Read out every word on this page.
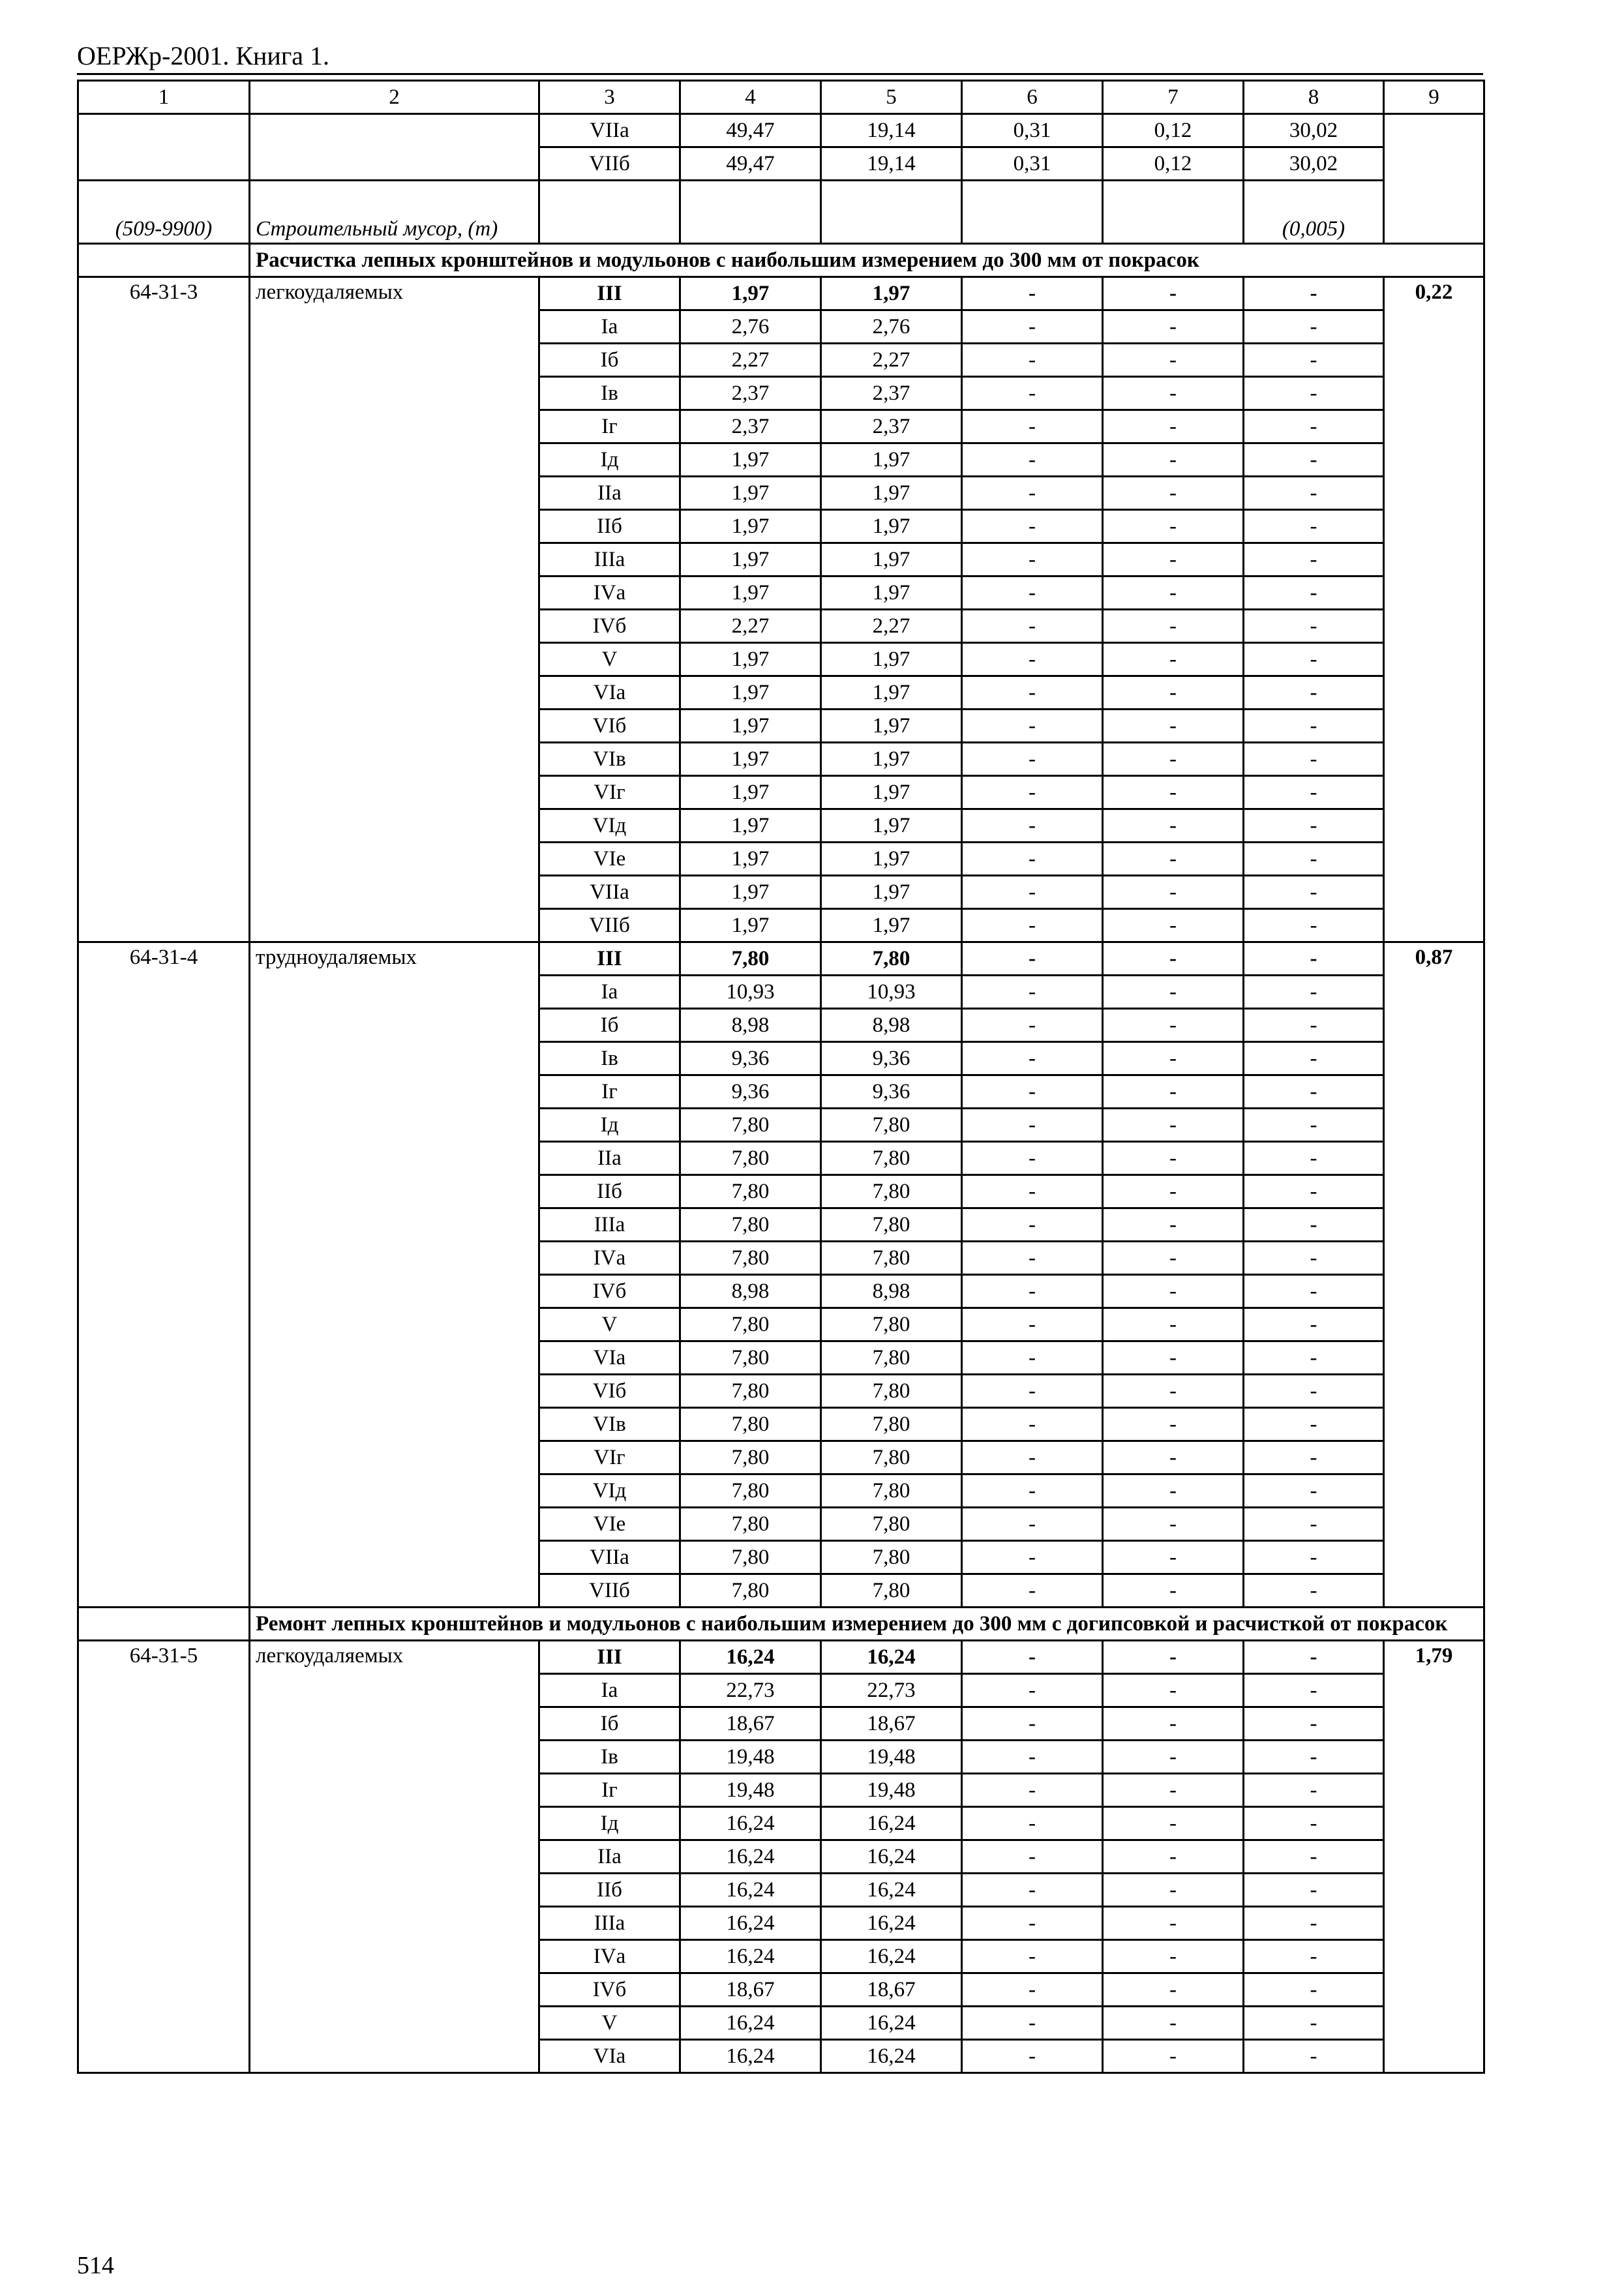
ОЕРЖр-2001. Книга 1.
1	2	3	4	5	6	7	8	9
		VIIа	49,47	19,14	0,31	0,12	30,02	
		VIIб	49,47	19,14	0,31	0,12	30,02	
(509-9900)	Строительный мусор, (т)						(0,005)	
	Расчистка лепных кронштейнов и модульонов с наибольшим измерением до 300 мм от покрасок							
64-31-3	легкоудаляемых	III	1,97	1,97	-	-	-	0,22
		Iа	2,76	2,76	-	-	-	
		Iб	2,27	2,27	-	-	-	
		Iв	2,37	2,37	-	-	-	
		Iг	2,37	2,37	-	-	-	
		Iд	1,97	1,97	-	-	-	
		IIа	1,97	1,97	-	-	-	
		IIб	1,97	1,97	-	-	-	
		IIIа	1,97	1,97	-	-	-	
		IVа	1,97	1,97	-	-	-	
		IVб	2,27	2,27	-	-	-	
		V	1,97	1,97	-	-	-	
		VIа	1,97	1,97	-	-	-	
		VIб	1,97	1,97	-	-	-	
		VIв	1,97	1,97	-	-	-	
		VIг	1,97	1,97	-	-	-	
		VIд	1,97	1,97	-	-	-	
		VIе	1,97	1,97	-	-	-	
		VIIа	1,97	1,97	-	-	-	
		VIIб	1,97	1,97	-	-	-	
64-31-4	трудноудаляемых	III	7,80	7,80	-	-	-	0,87
		Iа	10,93	10,93	-	-	-	
		Iб	8,98	8,98	-	-	-	
		Iв	9,36	9,36	-	-	-	
		Iг	9,36	9,36	-	-	-	
		Iд	7,80	7,80	-	-	-	
		IIа	7,80	7,80	-	-	-	
		IIб	7,80	7,80	-	-	-	
		IIIа	7,80	7,80	-	-	-	
		IVа	7,80	7,80	-	-	-	
		IVб	8,98	8,98	-	-	-	
		V	7,80	7,80	-	-	-	
		VIа	7,80	7,80	-	-	-	
		VIб	7,80	7,80	-	-	-	
		VIв	7,80	7,80	-	-	-	
		VIг	7,80	7,80	-	-	-	
		VIд	7,80	7,80	-	-	-	
		VIе	7,80	7,80	-	-	-	
		VIIа	7,80	7,80	-	-	-	
		VIIб	7,80	7,80	-	-	-	
	Ремонт лепных кронштейнов и модульонов с наибольшим измерением до 300 мм с догипсовкой и расчисткой от покрасок							
64-31-5	легкоудаляемых	III	16,24	16,24	-	-	-	1,79
		Iа	22,73	22,73	-	-	-	
		Iб	18,67	18,67	-	-	-	
		Iв	19,48	19,48	-	-	-	
		Iг	19,48	19,48	-	-	-	
		Iд	16,24	16,24	-	-	-	
		IIа	16,24	16,24	-	-	-	
		IIб	16,24	16,24	-	-	-	
		IIIа	16,24	16,24	-	-	-	
		IVа	16,24	16,24	-	-	-	
		IVб	18,67	18,67	-	-	-	
		V	16,24	16,24	-	-	-	
		VIа	16,24	16,24	-	-	-	
514
